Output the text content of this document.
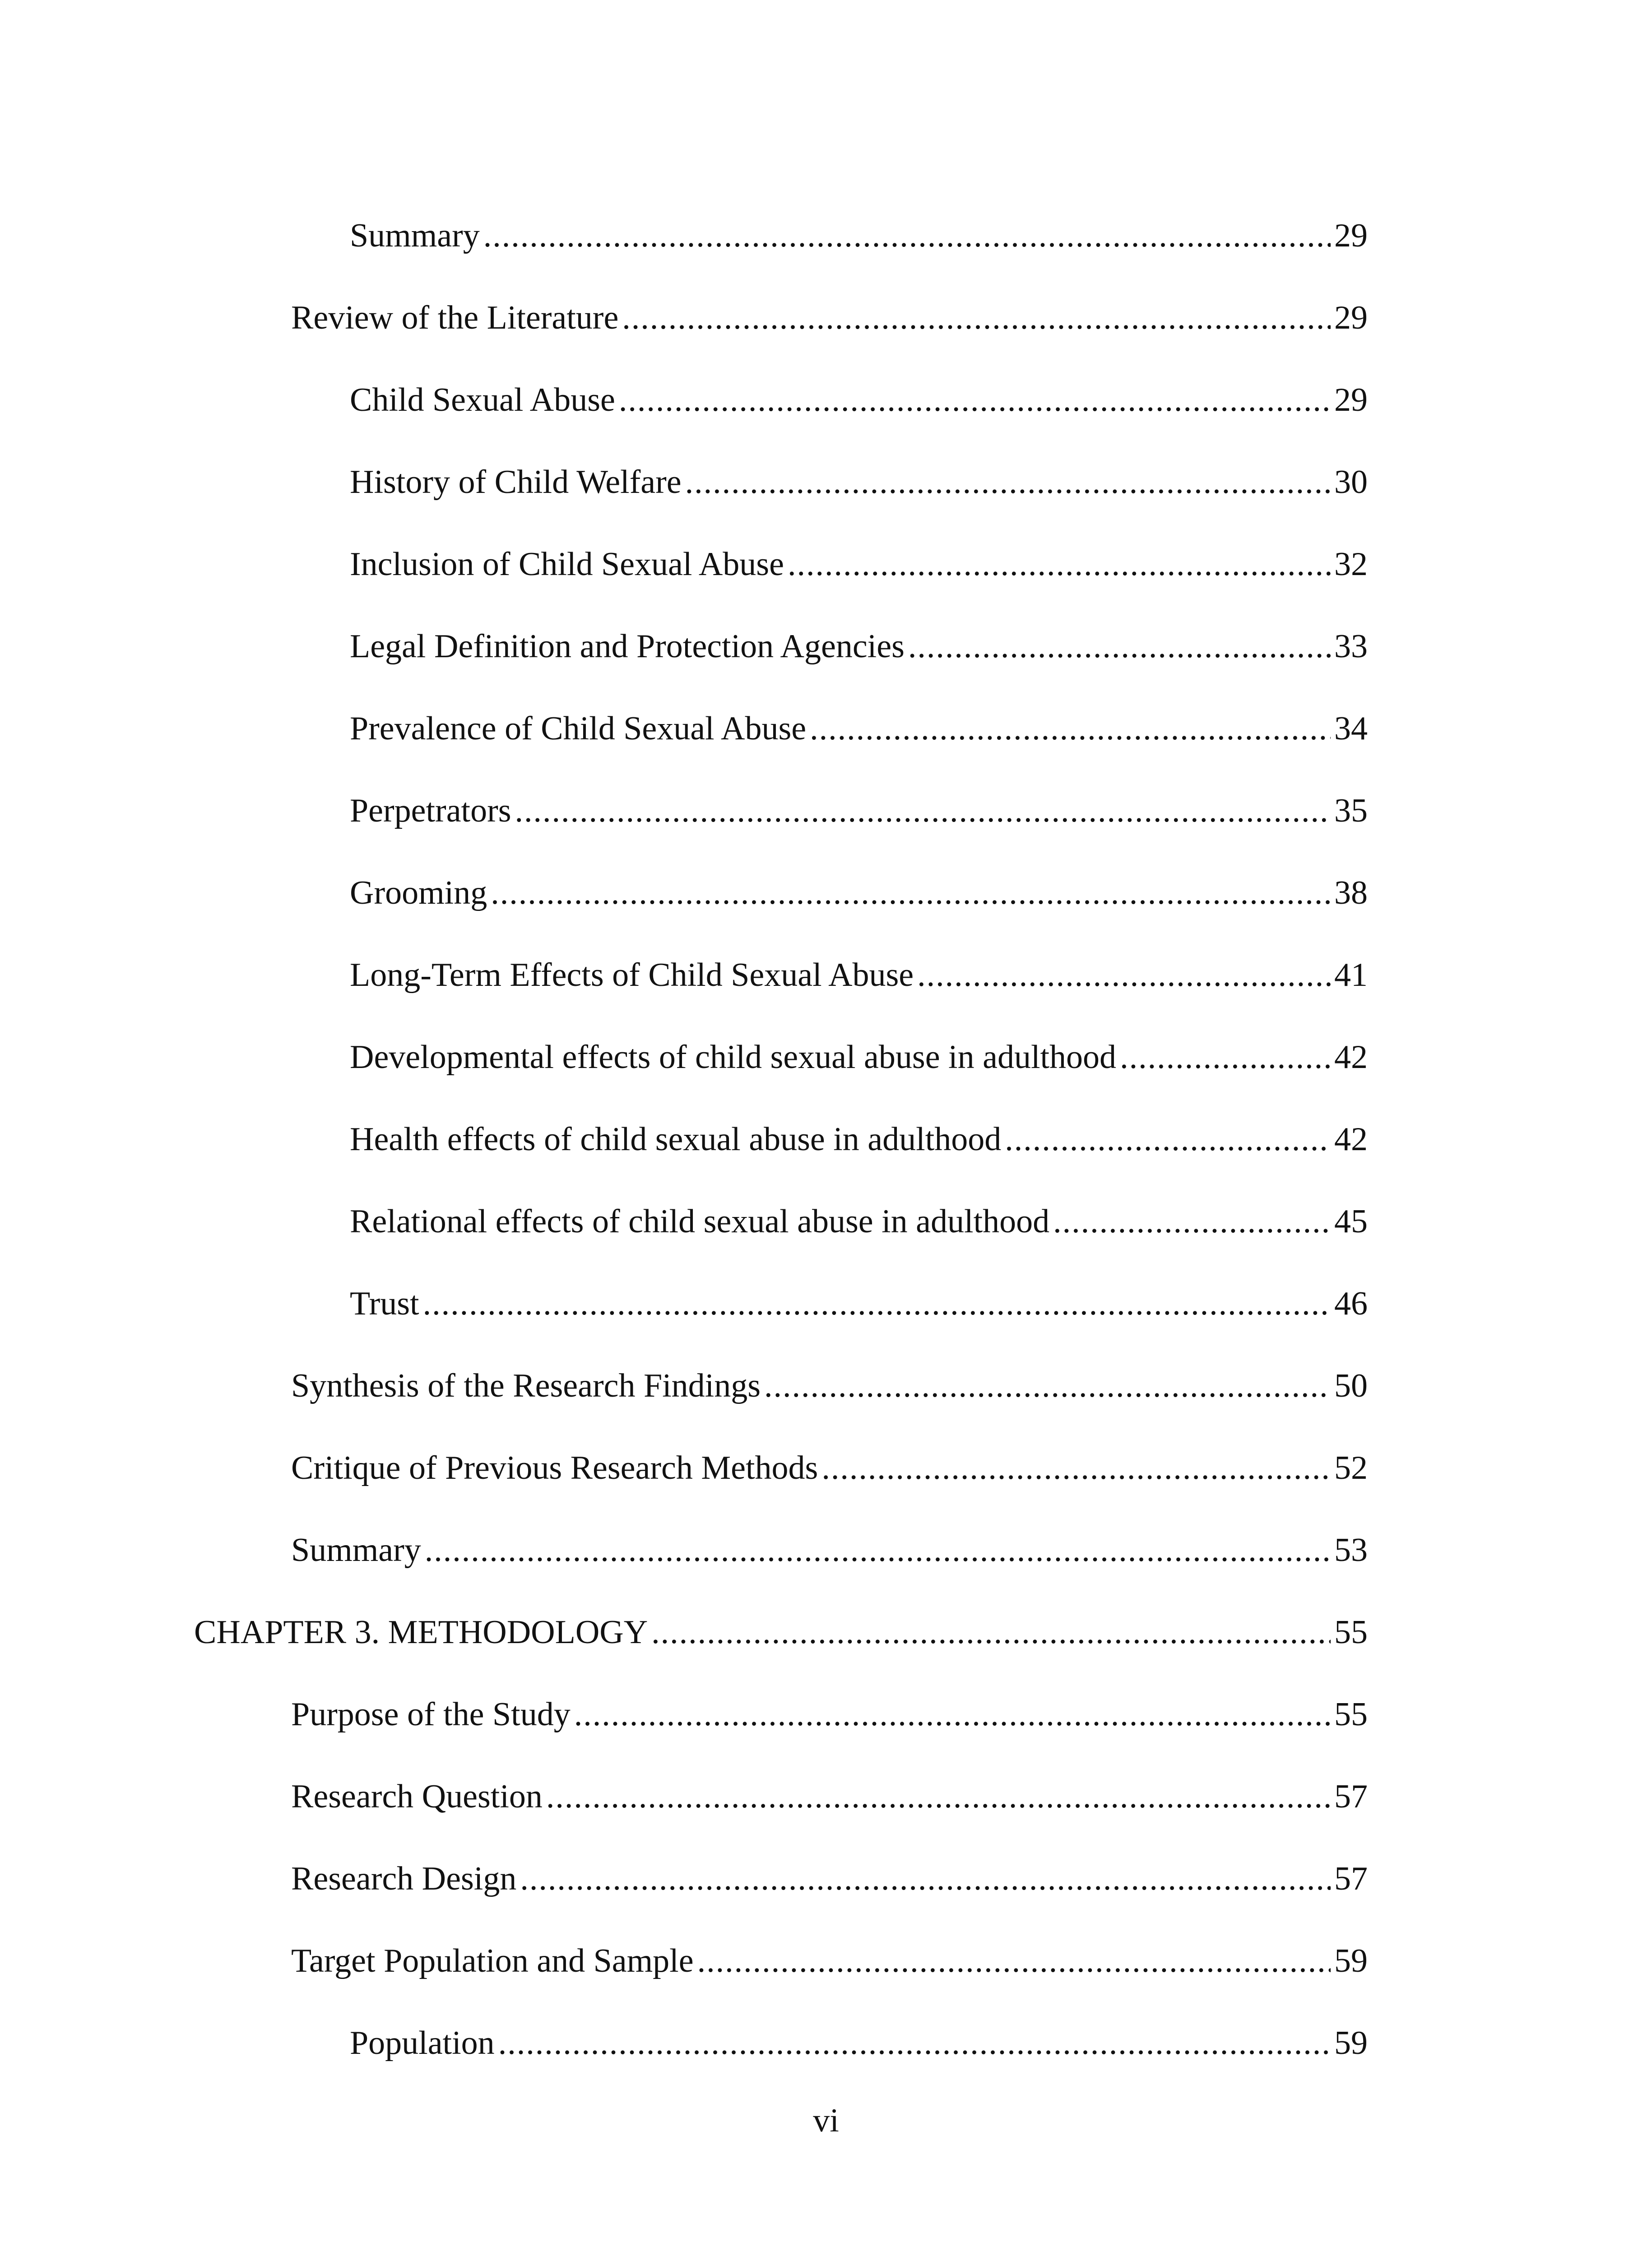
Summary .....	29
Review of the Literature .....	29
Child Sexual Abuse .....	29
History of Child Welfare .....	30
Inclusion of Child Sexual Abuse .....	32
Legal Definition and Protection Agencies .....	33
Prevalence of Child Sexual Abuse .....	34
Perpetrators .....	35
Grooming .....	38
Long-Term Effects of Child Sexual Abuse .....	41
Developmental effects of child sexual abuse in adulthood .....	42
Health effects of child sexual abuse in adulthood .....	42
Relational effects of child sexual abuse in adulthood .....	45
Trust .....	46
Synthesis of the Research Findings .....	50
Critique of Previous Research Methods .....	52
Summary .....	53
CHAPTER 3. METHODOLOGY .....	55
Purpose of the Study .....	55
Research Question .....	57
Research Design .....	57
Target Population and Sample .....	59
Population .....	59
vi
